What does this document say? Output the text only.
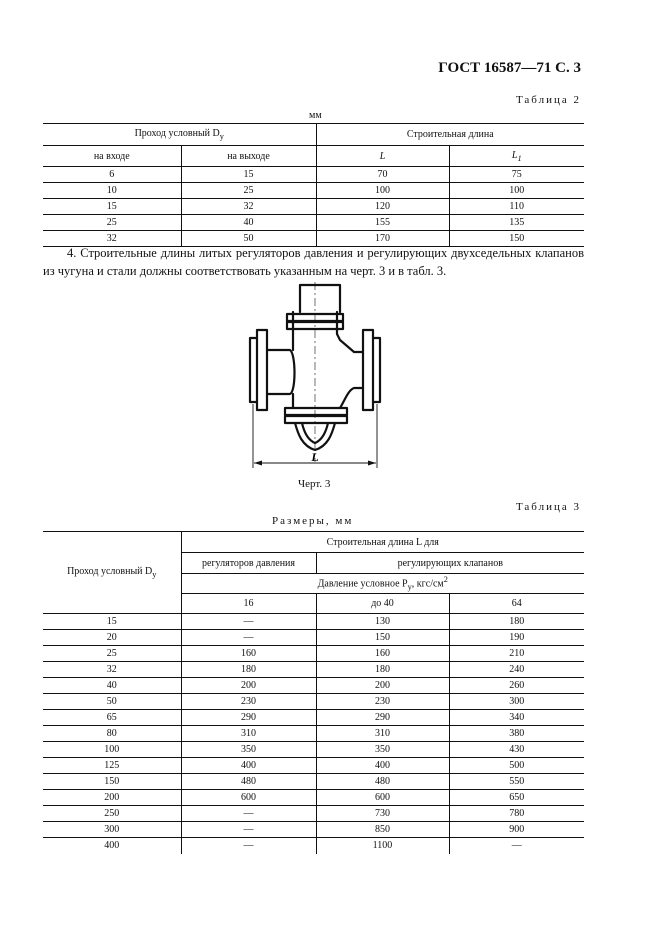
ГОСТ 16587—71 С. 3
Таблица 2
мм
Проход условный $D_у$		Строительная длина	
на входе	на выходе	L	$L_1$
6	15	70	75
10	25	100	100
15	32	120	110
25	40	155	135
32	50	170	150
4. Строительные длины литых регуляторов давления и регулирующих двухседельных клапанов из чугуна и стали должны соответствовать указанным на черт. 3 и в табл. 3.
L
Черт. 3
Таблица 3
Размеры, мм
Проход условный $D_у$	Строительная длина L для		
	регуляторов давления	регулирующих клапанов	
	Давление условное $P_у$, кгс/$см^2$
	16	до 40	64
15	—	130	180
20	—	150	190
25	160	160	210
32	180	180	240
40	200	200	260
50	230	230	300
65	290	290	340
80	310	310	380
100	350	350	430
125	400	400	500
150	480	480	550
200	600	600	650
250	—	730	780
300	—	850	900
400	—	1100	—
